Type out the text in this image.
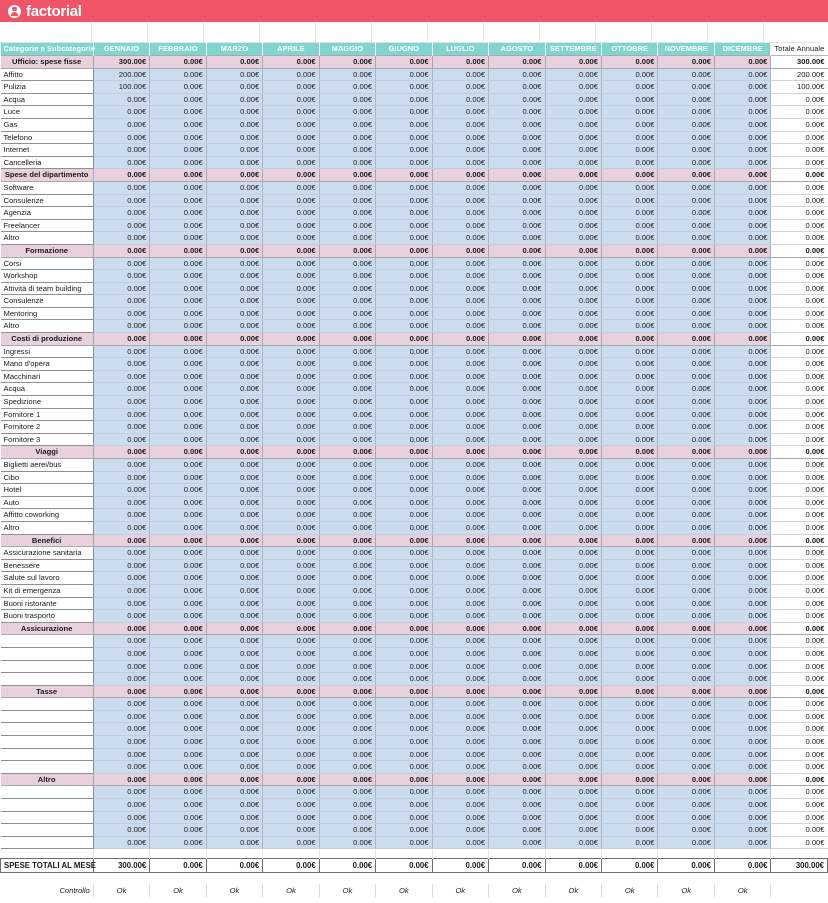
factorial
Categorie e Subcategorie	GENNAIO	FEBBRAIO	MARZO	APRILE	MAGGIO	GIUGNO	LUGLIO	AGOSTO	SETTEMBRE	OTTOBRE	NOVEMBRE	DICEMBRE	Totale Annuale
Ufficio: spese fisse	300.00€	0.00€	0.00€	0.00€	0.00€	0.00€	0.00€	0.00€	0.00€	0.00€	0.00€	0.00€	300.00€
Affitto	200.00€	0.00€	0.00€	0.00€	0.00€	0.00€	0.00€	0.00€	0.00€	0.00€	0.00€	0.00€	200.00€
Pulizia	100.00€	0.00€	0.00€	0.00€	0.00€	0.00€	0.00€	0.00€	0.00€	0.00€	0.00€	0.00€	100.00€
Acqua	0.00€	0.00€	0.00€	0.00€	0.00€	0.00€	0.00€	0.00€	0.00€	0.00€	0.00€	0.00€	0.00€
Luce	0.00€	0.00€	0.00€	0.00€	0.00€	0.00€	0.00€	0.00€	0.00€	0.00€	0.00€	0.00€	0.00€
Gas	0.00€	0.00€	0.00€	0.00€	0.00€	0.00€	0.00€	0.00€	0.00€	0.00€	0.00€	0.00€	0.00€
Telefono	0.00€	0.00€	0.00€	0.00€	0.00€	0.00€	0.00€	0.00€	0.00€	0.00€	0.00€	0.00€	0.00€
Internet	0.00€	0.00€	0.00€	0.00€	0.00€	0.00€	0.00€	0.00€	0.00€	0.00€	0.00€	0.00€	0.00€
Cancelleria	0.00€	0.00€	0.00€	0.00€	0.00€	0.00€	0.00€	0.00€	0.00€	0.00€	0.00€	0.00€	0.00€
Spese del dipartimento	0.00€	0.00€	0.00€	0.00€	0.00€	0.00€	0.00€	0.00€	0.00€	0.00€	0.00€	0.00€	0.00€
Software	0.00€	0.00€	0.00€	0.00€	0.00€	0.00€	0.00€	0.00€	0.00€	0.00€	0.00€	0.00€	0.00€
Consulenze	0.00€	0.00€	0.00€	0.00€	0.00€	0.00€	0.00€	0.00€	0.00€	0.00€	0.00€	0.00€	0.00€
Agenzia	0.00€	0.00€	0.00€	0.00€	0.00€	0.00€	0.00€	0.00€	0.00€	0.00€	0.00€	0.00€	0.00€
Freelancer	0.00€	0.00€	0.00€	0.00€	0.00€	0.00€	0.00€	0.00€	0.00€	0.00€	0.00€	0.00€	0.00€
Altro	0.00€	0.00€	0.00€	0.00€	0.00€	0.00€	0.00€	0.00€	0.00€	0.00€	0.00€	0.00€	0.00€
Formazione	0.00€	0.00€	0.00€	0.00€	0.00€	0.00€	0.00€	0.00€	0.00€	0.00€	0.00€	0.00€	0.00€
Corsi	0.00€	0.00€	0.00€	0.00€	0.00€	0.00€	0.00€	0.00€	0.00€	0.00€	0.00€	0.00€	0.00€
Workshop	0.00€	0.00€	0.00€	0.00€	0.00€	0.00€	0.00€	0.00€	0.00€	0.00€	0.00€	0.00€	0.00€
Attività di team building	0.00€	0.00€	0.00€	0.00€	0.00€	0.00€	0.00€	0.00€	0.00€	0.00€	0.00€	0.00€	0.00€
Consulenze	0.00€	0.00€	0.00€	0.00€	0.00€	0.00€	0.00€	0.00€	0.00€	0.00€	0.00€	0.00€	0.00€
Mentoring	0.00€	0.00€	0.00€	0.00€	0.00€	0.00€	0.00€	0.00€	0.00€	0.00€	0.00€	0.00€	0.00€
Altro	0.00€	0.00€	0.00€	0.00€	0.00€	0.00€	0.00€	0.00€	0.00€	0.00€	0.00€	0.00€	0.00€
Costi di produzione	0.00€	0.00€	0.00€	0.00€	0.00€	0.00€	0.00€	0.00€	0.00€	0.00€	0.00€	0.00€	0.00€
Ingressi	0.00€	0.00€	0.00€	0.00€	0.00€	0.00€	0.00€	0.00€	0.00€	0.00€	0.00€	0.00€	0.00€
Mano d'opera	0.00€	0.00€	0.00€	0.00€	0.00€	0.00€	0.00€	0.00€	0.00€	0.00€	0.00€	0.00€	0.00€
Macchinari	0.00€	0.00€	0.00€	0.00€	0.00€	0.00€	0.00€	0.00€	0.00€	0.00€	0.00€	0.00€	0.00€
Acqua	0.00€	0.00€	0.00€	0.00€	0.00€	0.00€	0.00€	0.00€	0.00€	0.00€	0.00€	0.00€	0.00€
Spedizione	0.00€	0.00€	0.00€	0.00€	0.00€	0.00€	0.00€	0.00€	0.00€	0.00€	0.00€	0.00€	0.00€
Fornitore 1	0.00€	0.00€	0.00€	0.00€	0.00€	0.00€	0.00€	0.00€	0.00€	0.00€	0.00€	0.00€	0.00€
Fornitore 2	0.00€	0.00€	0.00€	0.00€	0.00€	0.00€	0.00€	0.00€	0.00€	0.00€	0.00€	0.00€	0.00€
Fornitore 3	0.00€	0.00€	0.00€	0.00€	0.00€	0.00€	0.00€	0.00€	0.00€	0.00€	0.00€	0.00€	0.00€
Viaggi	0.00€	0.00€	0.00€	0.00€	0.00€	0.00€	0.00€	0.00€	0.00€	0.00€	0.00€	0.00€	0.00€
Biglietti aerei/bus	0.00€	0.00€	0.00€	0.00€	0.00€	0.00€	0.00€	0.00€	0.00€	0.00€	0.00€	0.00€	0.00€
Cibo	0.00€	0.00€	0.00€	0.00€	0.00€	0.00€	0.00€	0.00€	0.00€	0.00€	0.00€	0.00€	0.00€
Hotel	0.00€	0.00€	0.00€	0.00€	0.00€	0.00€	0.00€	0.00€	0.00€	0.00€	0.00€	0.00€	0.00€
Auto	0.00€	0.00€	0.00€	0.00€	0.00€	0.00€	0.00€	0.00€	0.00€	0.00€	0.00€	0.00€	0.00€
Affitto coworking	0.00€	0.00€	0.00€	0.00€	0.00€	0.00€	0.00€	0.00€	0.00€	0.00€	0.00€	0.00€	0.00€
Altro	0.00€	0.00€	0.00€	0.00€	0.00€	0.00€	0.00€	0.00€	0.00€	0.00€	0.00€	0.00€	0.00€
Benefici	0.00€	0.00€	0.00€	0.00€	0.00€	0.00€	0.00€	0.00€	0.00€	0.00€	0.00€	0.00€	0.00€
Assicurazione sanitaria	0.00€	0.00€	0.00€	0.00€	0.00€	0.00€	0.00€	0.00€	0.00€	0.00€	0.00€	0.00€	0.00€
Benessere	0.00€	0.00€	0.00€	0.00€	0.00€	0.00€	0.00€	0.00€	0.00€	0.00€	0.00€	0.00€	0.00€
Salute sul lavoro	0.00€	0.00€	0.00€	0.00€	0.00€	0.00€	0.00€	0.00€	0.00€	0.00€	0.00€	0.00€	0.00€
Kit di emergenza	0.00€	0.00€	0.00€	0.00€	0.00€	0.00€	0.00€	0.00€	0.00€	0.00€	0.00€	0.00€	0.00€
Buoni ristorante	0.00€	0.00€	0.00€	0.00€	0.00€	0.00€	0.00€	0.00€	0.00€	0.00€	0.00€	0.00€	0.00€
Buoni trasporto	0.00€	0.00€	0.00€	0.00€	0.00€	0.00€	0.00€	0.00€	0.00€	0.00€	0.00€	0.00€	0.00€
Assicurazione	0.00€	0.00€	0.00€	0.00€	0.00€	0.00€	0.00€	0.00€	0.00€	0.00€	0.00€	0.00€	0.00€
	0.00€	0.00€	0.00€	0.00€	0.00€	0.00€	0.00€	0.00€	0.00€	0.00€	0.00€	0.00€	0.00€
	0.00€	0.00€	0.00€	0.00€	0.00€	0.00€	0.00€	0.00€	0.00€	0.00€	0.00€	0.00€	0.00€
	0.00€	0.00€	0.00€	0.00€	0.00€	0.00€	0.00€	0.00€	0.00€	0.00€	0.00€	0.00€	0.00€
	0.00€	0.00€	0.00€	0.00€	0.00€	0.00€	0.00€	0.00€	0.00€	0.00€	0.00€	0.00€	0.00€
Tasse	0.00€	0.00€	0.00€	0.00€	0.00€	0.00€	0.00€	0.00€	0.00€	0.00€	0.00€	0.00€	0.00€
	0.00€	0.00€	0.00€	0.00€	0.00€	0.00€	0.00€	0.00€	0.00€	0.00€	0.00€	0.00€	0.00€
	0.00€	0.00€	0.00€	0.00€	0.00€	0.00€	0.00€	0.00€	0.00€	0.00€	0.00€	0.00€	0.00€
	0.00€	0.00€	0.00€	0.00€	0.00€	0.00€	0.00€	0.00€	0.00€	0.00€	0.00€	0.00€	0.00€
	0.00€	0.00€	0.00€	0.00€	0.00€	0.00€	0.00€	0.00€	0.00€	0.00€	0.00€	0.00€	0.00€
	0.00€	0.00€	0.00€	0.00€	0.00€	0.00€	0.00€	0.00€	0.00€	0.00€	0.00€	0.00€	0.00€
	0.00€	0.00€	0.00€	0.00€	0.00€	0.00€	0.00€	0.00€	0.00€	0.00€	0.00€	0.00€	0.00€
Altro	0.00€	0.00€	0.00€	0.00€	0.00€	0.00€	0.00€	0.00€	0.00€	0.00€	0.00€	0.00€	0.00€
	0.00€	0.00€	0.00€	0.00€	0.00€	0.00€	0.00€	0.00€	0.00€	0.00€	0.00€	0.00€	0.00€
	0.00€	0.00€	0.00€	0.00€	0.00€	0.00€	0.00€	0.00€	0.00€	0.00€	0.00€	0.00€	0.00€
	0.00€	0.00€	0.00€	0.00€	0.00€	0.00€	0.00€	0.00€	0.00€	0.00€	0.00€	0.00€	0.00€
	0.00€	0.00€	0.00€	0.00€	0.00€	0.00€	0.00€	0.00€	0.00€	0.00€	0.00€	0.00€	0.00€
	0.00€	0.00€	0.00€	0.00€	0.00€	0.00€	0.00€	0.00€	0.00€	0.00€	0.00€	0.00€	0.00€

SPESE TOTALI AL MESE	300.00€	0.00€	0.00€	0.00€	0.00€	0.00€	0.00€	0.00€	0.00€	0.00€	0.00€	0.00€	300.00€

Controllo	Ok	Ok	Ok	Ok	Ok	Ok	Ok	Ok	Ok	Ok	Ok	Ok	
